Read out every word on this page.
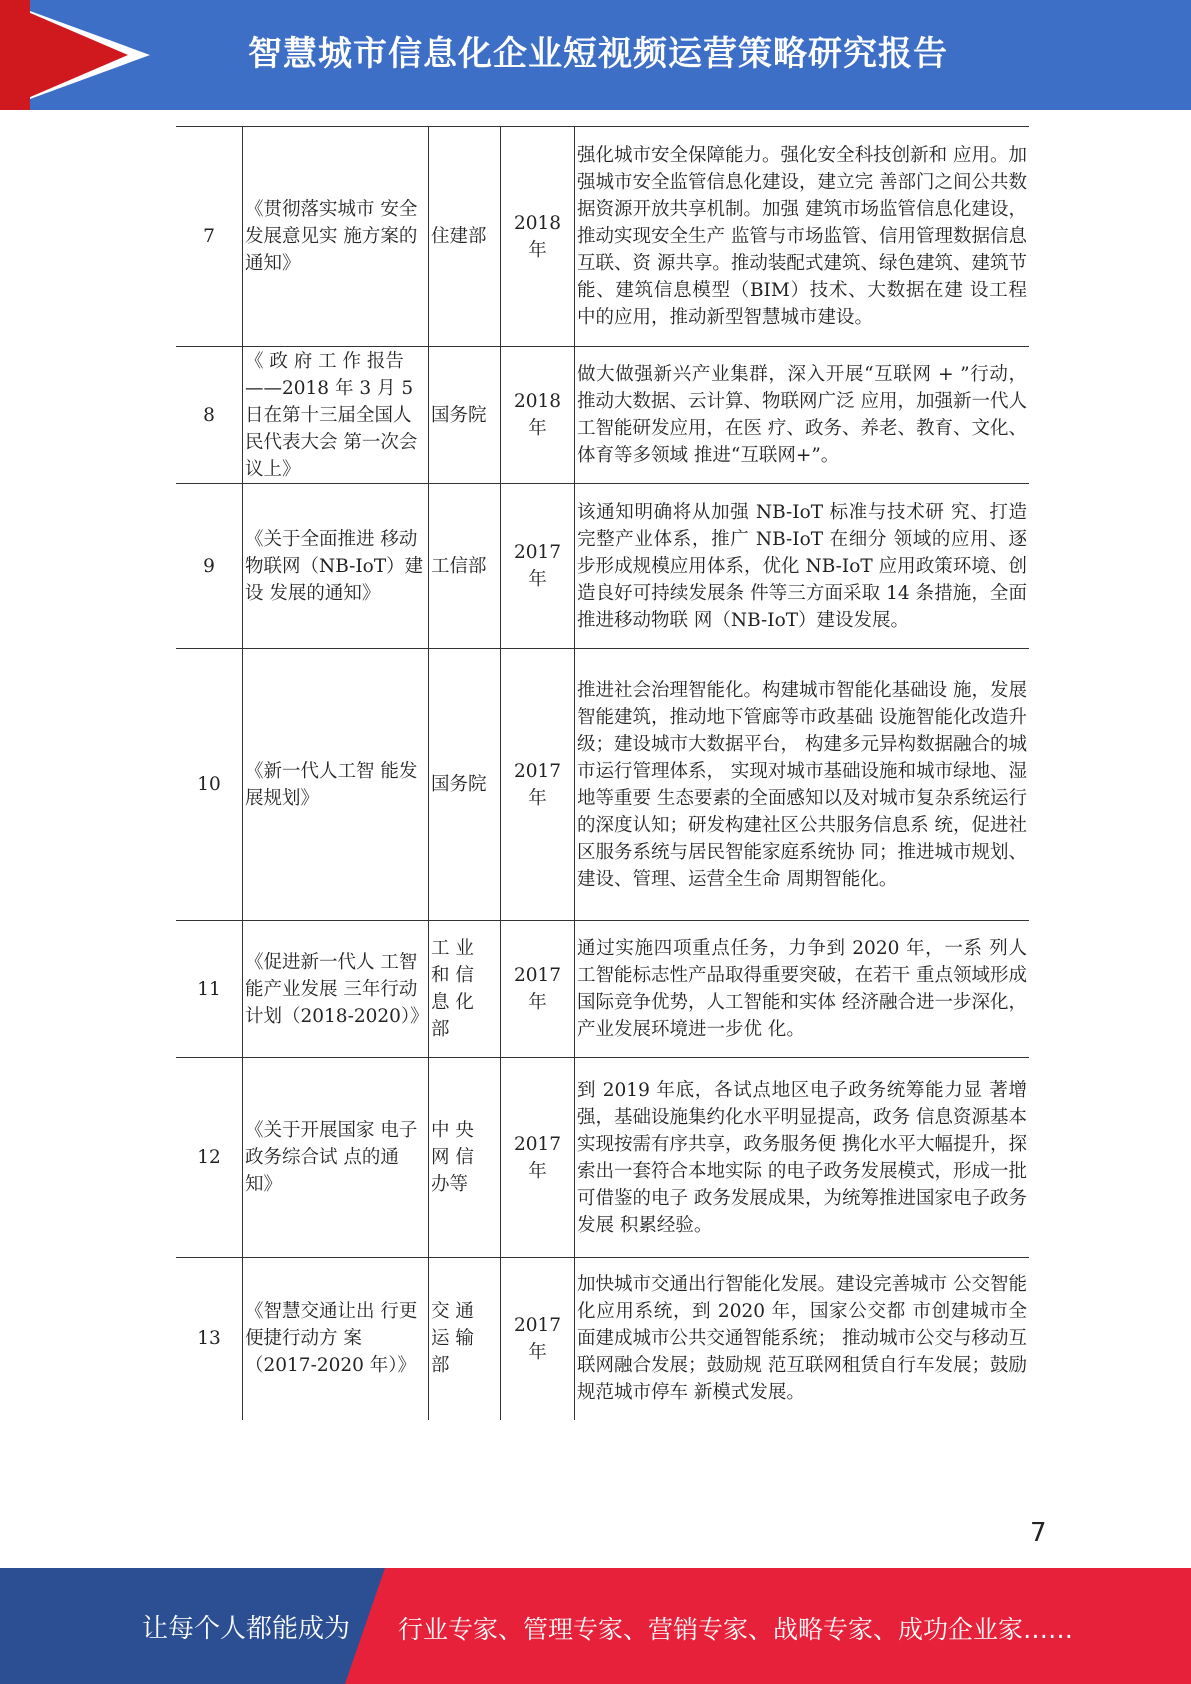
智慧城市信息化企业短视频运营策略研究报告
7	《贯彻落实城市 安全发展意见实 施方案的通知》	住建部	2018 年	强化城市安全保障能力。强化安全科技创新和 应用。加强城市安全监管信息化建设，建立完 善部门之间公共数据资源开放共享机制。加强 建筑市场监管信息化建设，推动实现安全生产 监管与市场监管、信用管理数据信息互联、资 源共享。推动装配式建筑、绿色建筑、建筑节 能、建筑信息模型（BIM）技术、大数据在建 设工程中的应用，推动新型智慧城市建设。
8	《 政 府 工 作 报告 ——2018 年 3 月 5 日在第十三届全国人民代表大会 第一次会议上》	国务院	2018 年	做大做强新兴产业集群，深入开展“互联网 + ”行动，推动大数据、云计算、物联网广泛 应用，加强新一代人工智能研发应用，在医 疗、政务、养老、教育、文化、体育等多领域 推进“互联网+”。
9	《关于全面推进 移动物联网（NB-IoT）建设 发展的通知》	工信部	2017 年	该通知明确将从加强 NB-IoT 标准与技术研 究、打造完整产业体系，推广 NB-IoT 在细分 领域的应用、逐步形成规模应用体系，优化 NB-IoT 应用政策环境、创造良好可持续发展条 件等三方面采取 14 条措施，全面推进移动物联 网（NB-IoT）建设发展。
10	《新一代人工智 能发展规划》	国务院	2017 年	推进社会治理智能化。构建城市智能化基础设 施，发展智能建筑，推动地下管廊等市政基础 设施智能化改造升级；建设城市大数据平台， 构建多元异构数据融合的城市运行管理体系， 实现对城市基础设施和城市绿地、湿地等重要 生态要素的全面感知以及对城市复杂系统运行 的深度认知；研发构建社区公共服务信息系 统，促进社区服务系统与居民智能家庭系统协 同；推进城市规划、建设、管理、运营全生命 周期智能化。
11	《促进新一代人 工智能产业发展 三年行动计划（2018-2020）》	工 业 和 信 息 化 部	2017 年	通过实施四项重点任务，力争到 2020 年，一系 列人工智能标志性产品取得重要突破，在若干 重点领域形成国际竞争优势，人工智能和实体 经济融合进一步深化，产业发展环境进一步优 化。
12	《关于开展国家 电子政务综合试 点的通知》	中 央 网 信 办等	2017 年	到 2019 年底，各试点地区电子政务统筹能力显 著增强，基础设施集约化水平明显提高，政务 信息资源基本实现按需有序共享，政务服务便 携化水平大幅提升，探索出一套符合本地实际 的电子政务发展模式，形成一批可借鉴的电子 政务发展成果，为统筹推进国家电子政务发展 积累经验。
13	《智慧交通让出 行更便捷行动方 案（2017-2020 年）》	交 通 运 输 部	2017 年	加快城市交通出行智能化发展。建设完善城市 公交智能化应用系统，到 2020 年，国家公交都 市创建城市全面建成城市公共交通智能系统； 推动城市公交与移动互联网融合发展；鼓励规 范互联网租赁自行车发展；鼓励规范城市停车 新模式发展。
7
让每个人都能成为 行业专家、管理专家、营销专家、战略专家、成功企业家……
